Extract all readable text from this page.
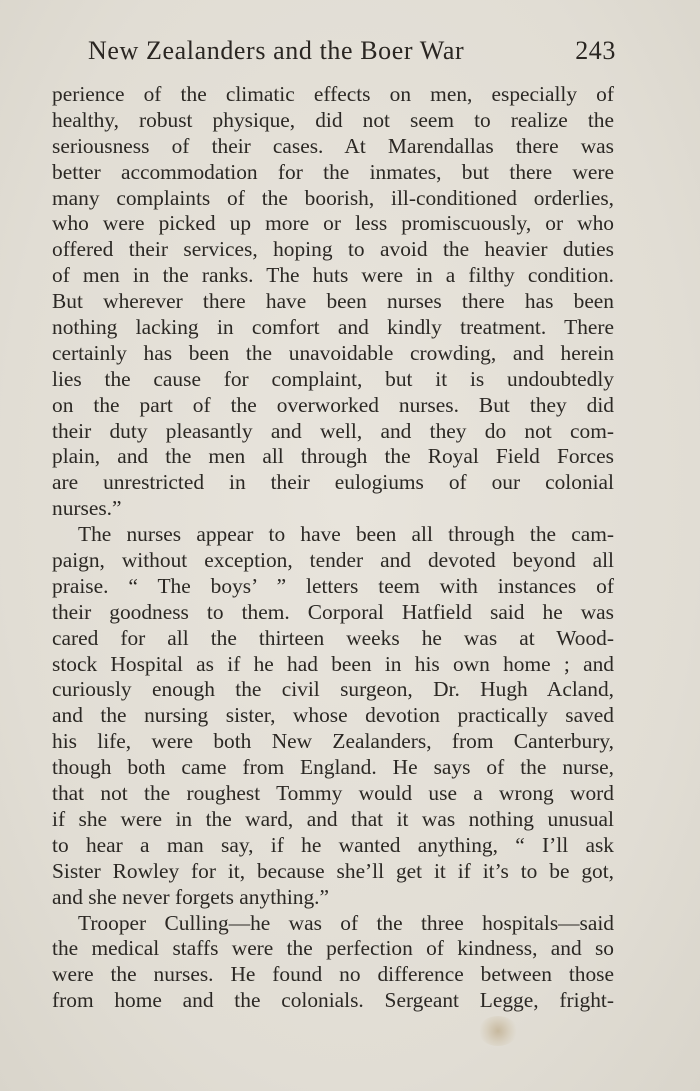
New Zealanders and the Boer War	243
perience of the climatic effects on men, especially of
healthy, robust physique, did not seem to realize the
seriousness of their cases. At Marendallas there was
better accommodation for the inmates, but there were
many complaints of the boorish, ill-conditioned orderlies,
who were picked up more or less promiscuously, or who
offered their services, hoping to avoid the heavier duties
of men in the ranks. The huts were in a filthy condition.
But wherever there have been nurses there has been
nothing lacking in comfort and kindly treatment. There
certainly has been the unavoidable crowding, and herein
lies the cause for complaint, but it is undoubtedly
on the part of the overworked nurses. But they did
their duty pleasantly and well, and they do not com-
plain, and the men all through the Royal Field Forces
are unrestricted in their eulogiums of our colonial
nurses.”
The nurses appear to have been all through the cam-
paign, without exception, tender and devoted beyond all
praise. “ The boys’ ” letters teem with instances of
their goodness to them. Corporal Hatfield said he was
cared for all the thirteen weeks he was at Wood-
stock Hospital as if he had been in his own home ; and
curiously enough the civil surgeon, Dr. Hugh Acland,
and the nursing sister, whose devotion practically saved
his life, were both New Zealanders, from Canterbury,
though both came from England. He says of the nurse,
that not the roughest Tommy would use a wrong word
if she were in the ward, and that it was nothing unusual
to hear a man say, if he wanted anything, “ I’ll ask
Sister Rowley for it, because she’ll get it if it’s to be got,
and she never forgets anything.”
Trooper Culling—he was of the three hospitals—said
the medical staffs were the perfection of kindness, and so
were the nurses. He found no difference between those
from home and the colonials. Sergeant Legge, fright-
